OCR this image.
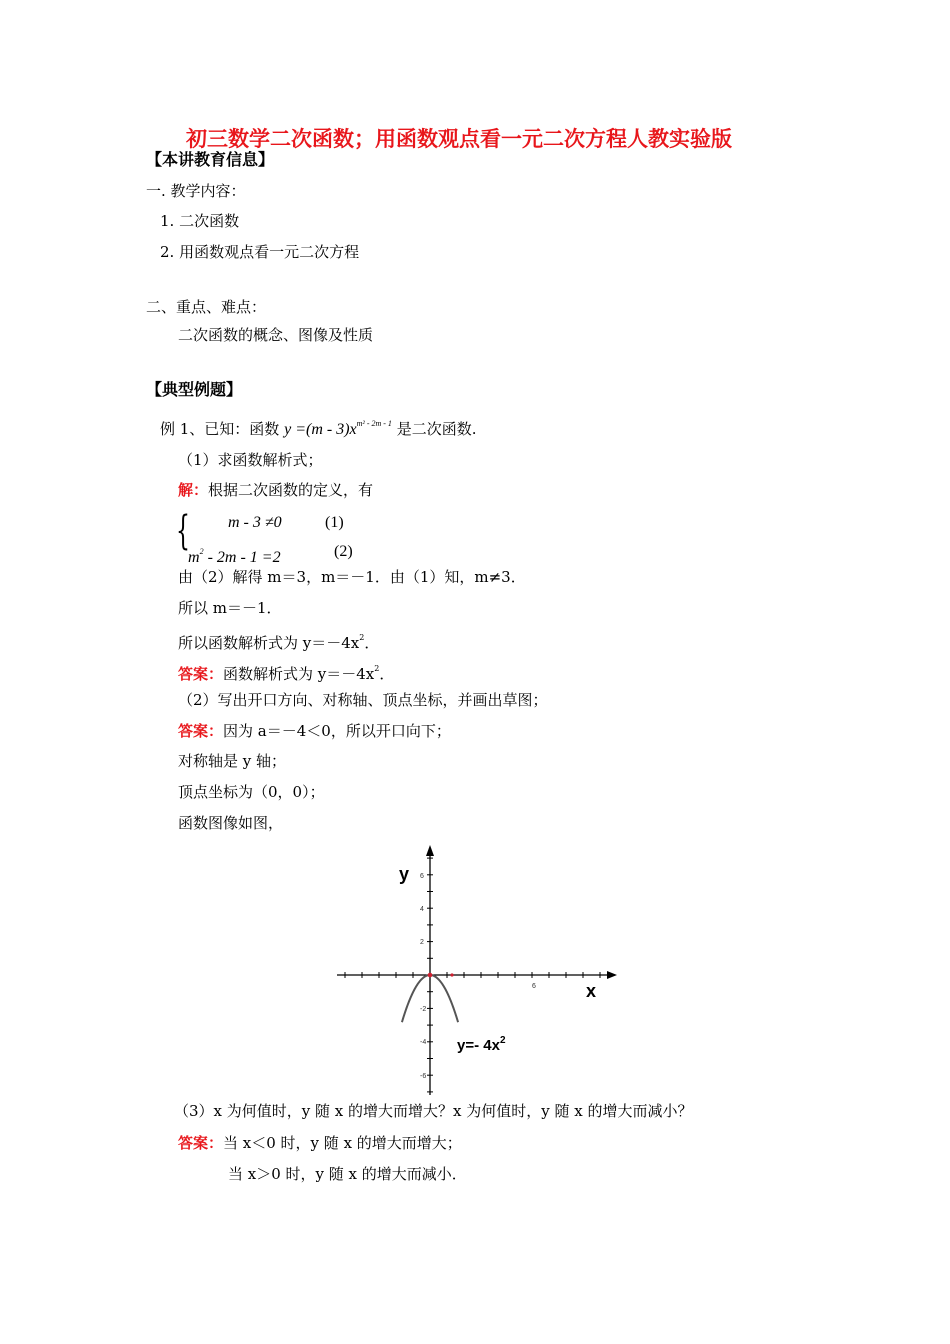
初三数学二次函数；用函数观点看一元二次方程人教实验版
【本讲教育信息】
一. 教学内容：
1. 二次函数
2. 用函数观点看一元二次方程
二、重点、难点：
二次函数的概念、图像及性质
【典型例题】
例 1、已知：函数 $y =(m - 3)x^{m^2 - 2m - 1}$ 是二次函数.
（1）求函数解析式；
解：根据二次函数的定义，有
{ m - 3 ≠0	(1)
$m^2 - 2m - 1 =2$	(2)
由（2）解得 m＝3，m＝－1．由（1）知，m≠3．
所以 m＝－1．
所以函数解析式为 $y=-4x^2$．
答案：函数解析式为 $y=-4x^2$．
（2）写出开口方向、对称轴、顶点坐标，并画出草图；
答案：因为 a＝－4＜0，所以开口向下；
对称轴是 y 轴；
顶点坐标为（0，0）；
函数图像如图，
6
4
2
-2
-4
-6
6
y
x
y=- $4x^2$
（3）x 为何值时，y 随 x 的增大而增大？x 为何值时，y 随 x 的增大而减小？
答案：当 x＜0 时，y 随 x 的增大而增大；
当 x＞0 时，y 随 x 的增大而减小．
